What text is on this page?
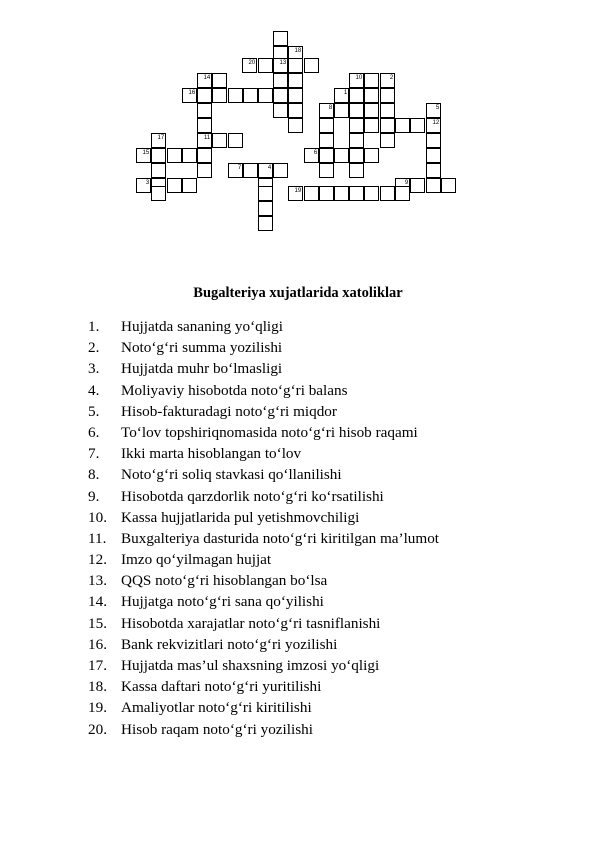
18
20	13
14	10	2
16	1
8	5
12
17	11
15	6
7	4
3	9
19
Bugalteriya xujatlarida xatoliklar
1. Hujjatda sananing yo‘qligi
2. Noto‘g‘ri summa yozilishi
3. Hujjatda muhr bo‘lmasligi
4. Moliyaviy hisobotda noto‘g‘ri balans
5. Hisob-fakturadagi noto‘g‘ri miqdor
6. To‘lov topshiriqnomasida noto‘g‘ri hisob raqami
7. Ikki marta hisoblangan to‘lov
8. Noto‘g‘ri soliq stavkasi qo‘llanilishi
9. Hisobotda qarzdorlik noto‘g‘ri ko‘rsatilishi
10. Kassa hujjatlarida pul yetishmovchiligi
11. Buxgalteriya dasturida noto‘g‘ri kiritilgan ma’lumot
12. Imzo qo‘yilmagan hujjat
13. QQS noto‘g‘ri hisoblangan bo‘lsa
14. Hujjatga noto‘g‘ri sana qo‘yilishi
15. Hisobotda xarajatlar noto‘g‘ri tasniflanishi
16. Bank rekvizitlari noto‘g‘ri yozilishi
17. Hujjatda mas’ul shaxsning imzosi yo‘qligi
18. Kassa daftari noto‘g‘ri yuritilishi
19. Amaliyotlar noto‘g‘ri kiritilishi
20. Hisob raqam noto‘g‘ri yozilishi
